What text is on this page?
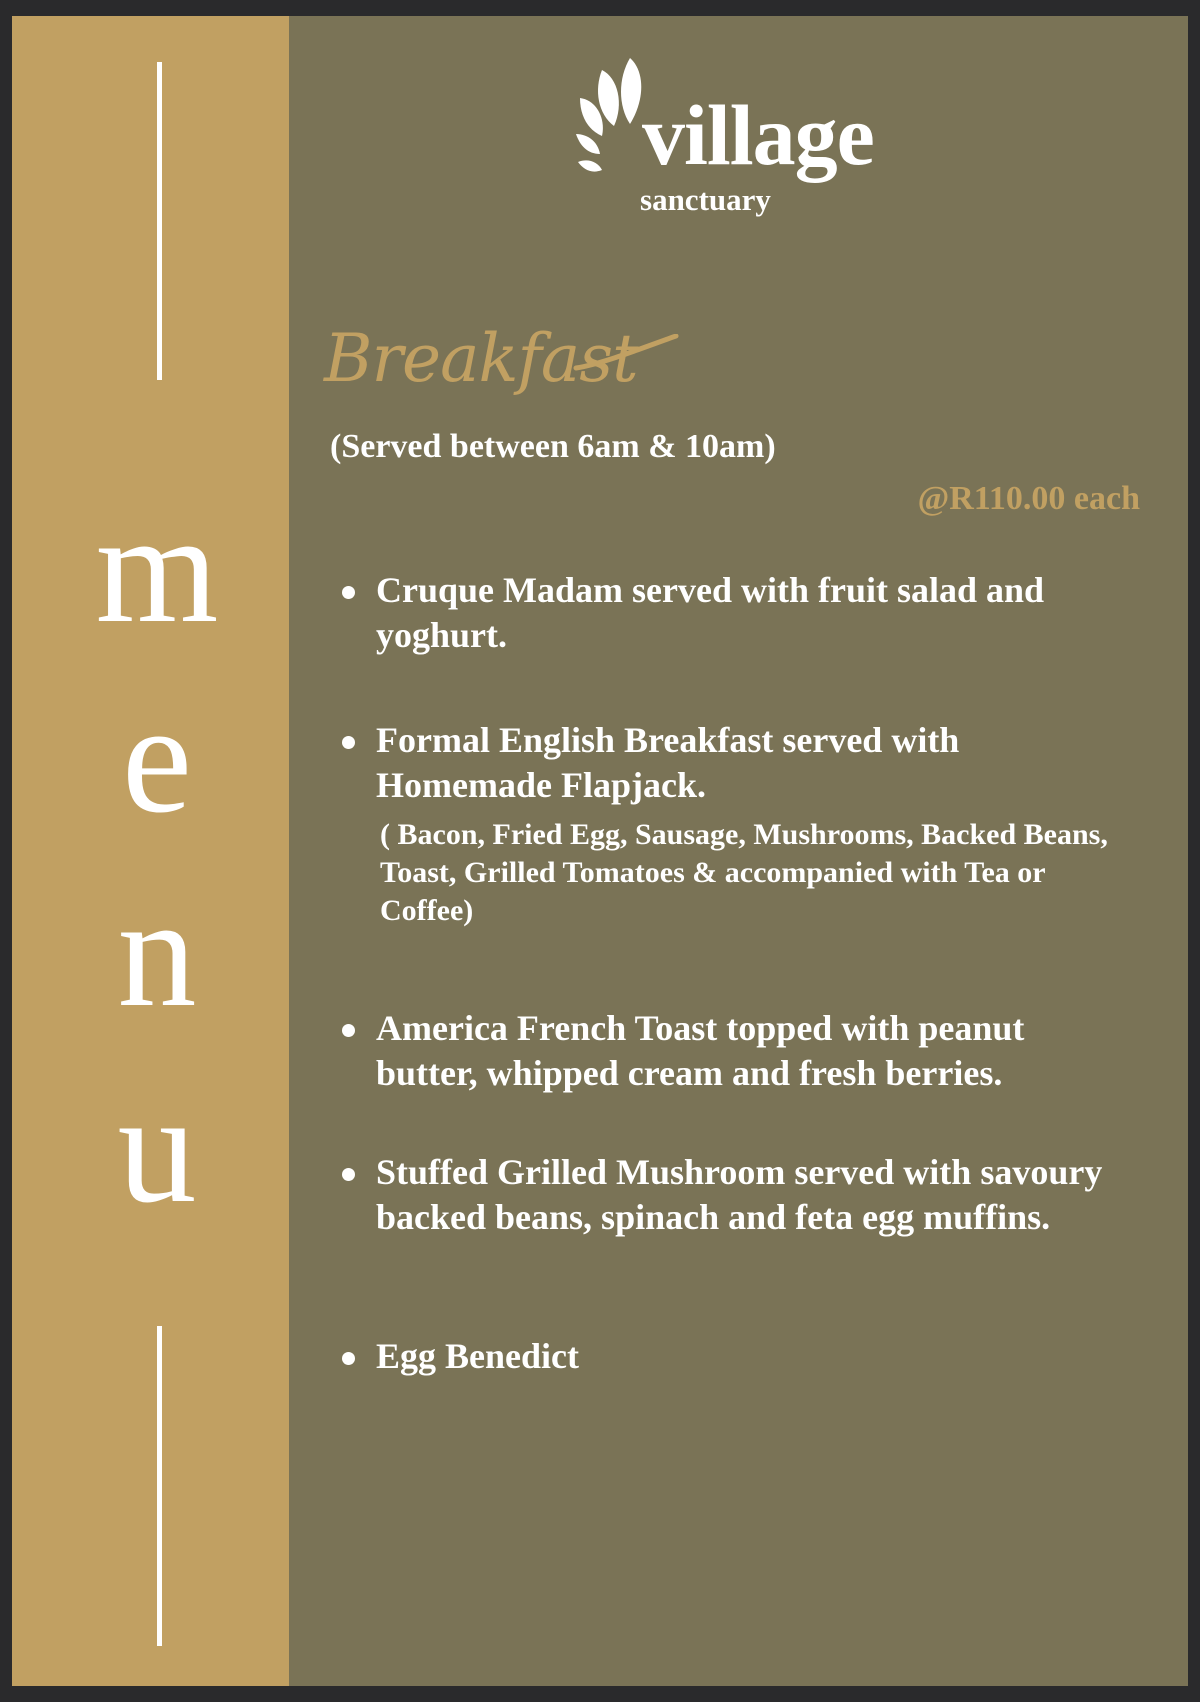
m
e
n
u
village
sanctuary
Breakfast
(Served between 6am & 10am)
@R110.00 each
Cruque Madam served with fruit salad and yoghurt.
Formal English Breakfast served with Homemade Flapjack.
( Bacon, Fried Egg, Sausage, Mushrooms, Backed Beans, Toast, Grilled Tomatoes & accompanied with Tea or Coffee)
America French Toast topped with peanut butter, whipped cream and fresh berries.
Stuffed Grilled Mushroom served with savoury backed beans, spinach and feta egg muffins.
Egg Benedict
